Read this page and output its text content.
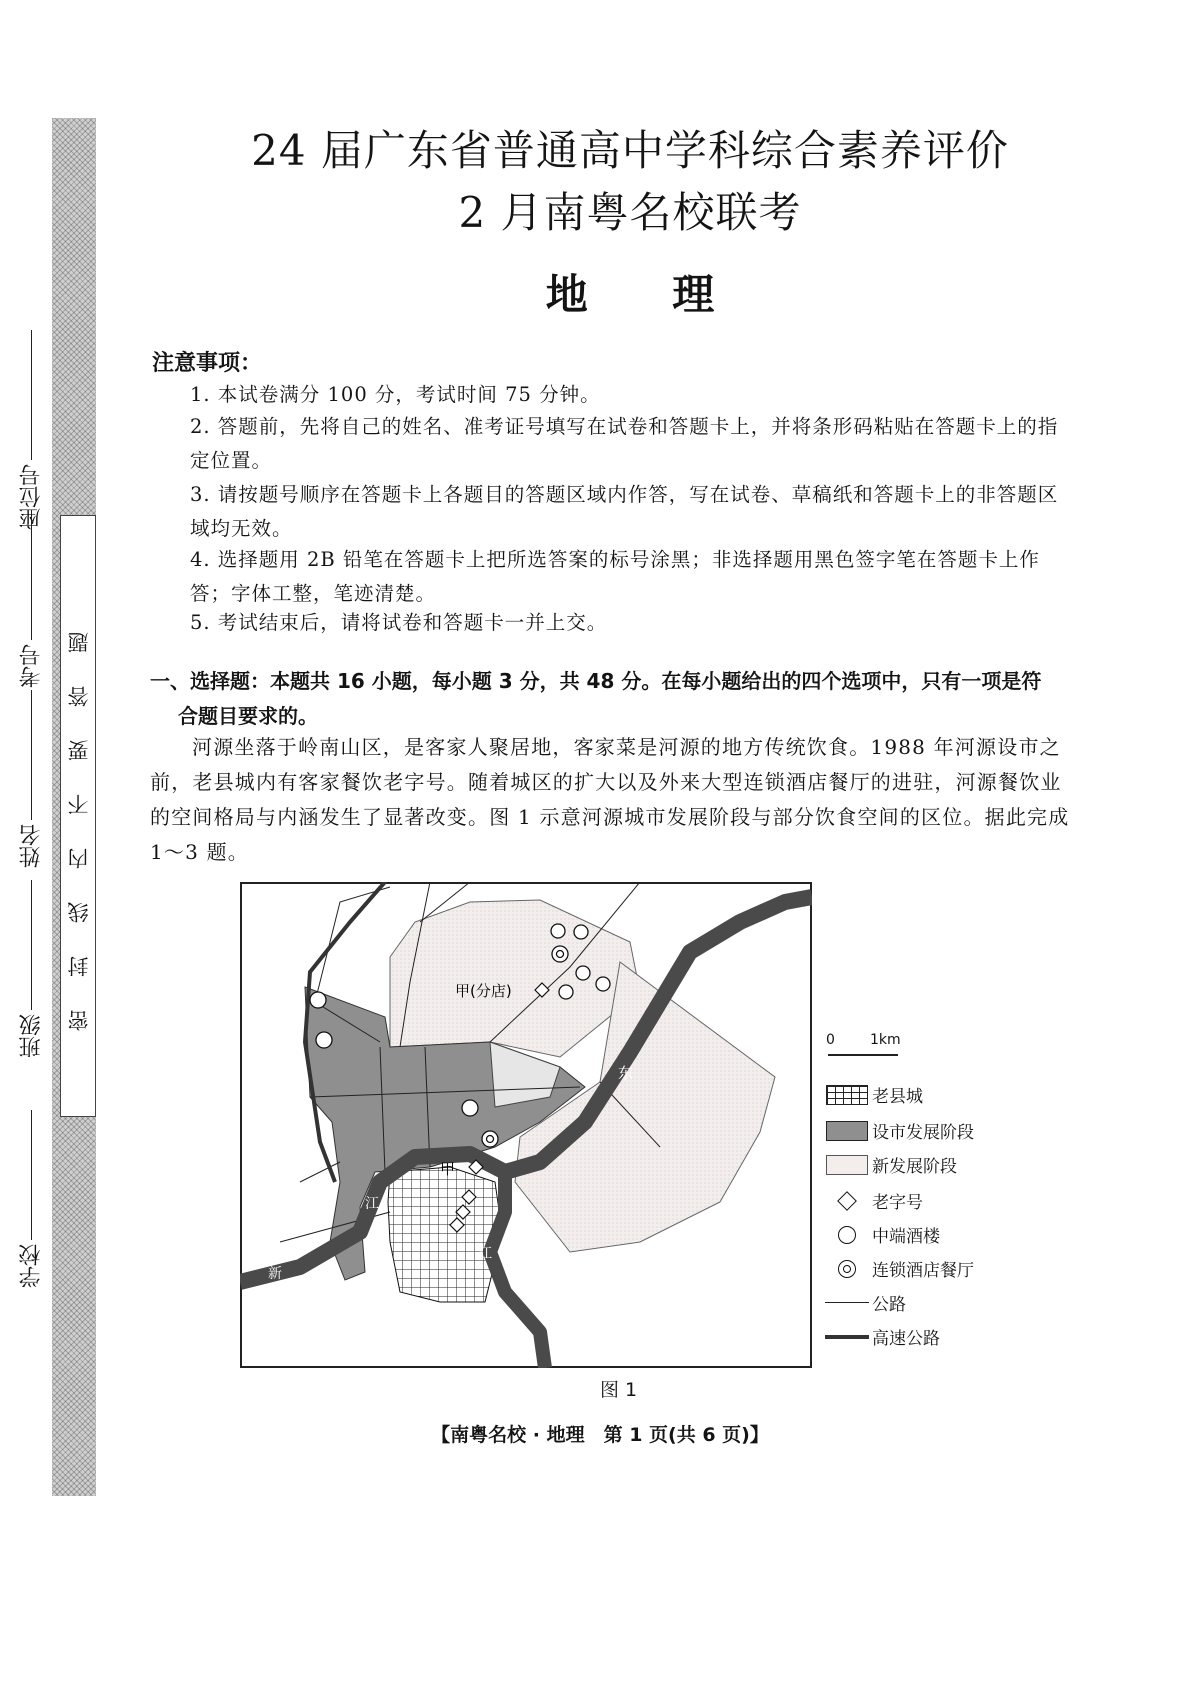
密封线内不要答题
学校
班级
姓名
考号
座位号
24 届广东省普通高中学科综合素养评价
2 月南粤名校联考
地 理
注意事项：
1. 本试卷满分 100 分，考试时间 75 分钟。
2. 答题前，先将自己的姓名、准考证号填写在试卷和答题卡上，并将条形码粘贴在答题卡上的指定位置。
3. 请按题号顺序在答题卡上各题目的答题区域内作答，写在试卷、草稿纸和答题卡上的非答题区域均无效。
4. 选择题用 2B 铅笔在答题卡上把所选答案的标号涂黑；非选择题用黑色签字笔在答题卡上作答；字体工整，笔迹清楚。
5. 考试结束后，请将试卷和答题卡一并上交。
一、选择题：本题共 16 小题，每小题 3 分，共 48 分。在每小题给出的四个选项中，只有一项是符
合题目要求的。
河源坐落于岭南山区，是客家人聚居地，客家菜是河源的地方传统饮食。1988 年河源设市之前，老县城内有客家餐饮老字号。随着城区的扩大以及外来大型连锁酒店餐厅的进驻，河源餐饮业的空间格局与内涵发生了显著改变。图 1 示意河源城市发展阶段与部分饮食空间的区位。据此完成 1～3 题。
东
江
新
丰
江
甲
甲(分店)
0	1km
老县城
设市发展阶段
新发展阶段
老字号
中端酒楼
连锁酒店餐厅
公路
高速公路
图 1
【南粤名校 · 地理　第 1 页(共 6 页)】
